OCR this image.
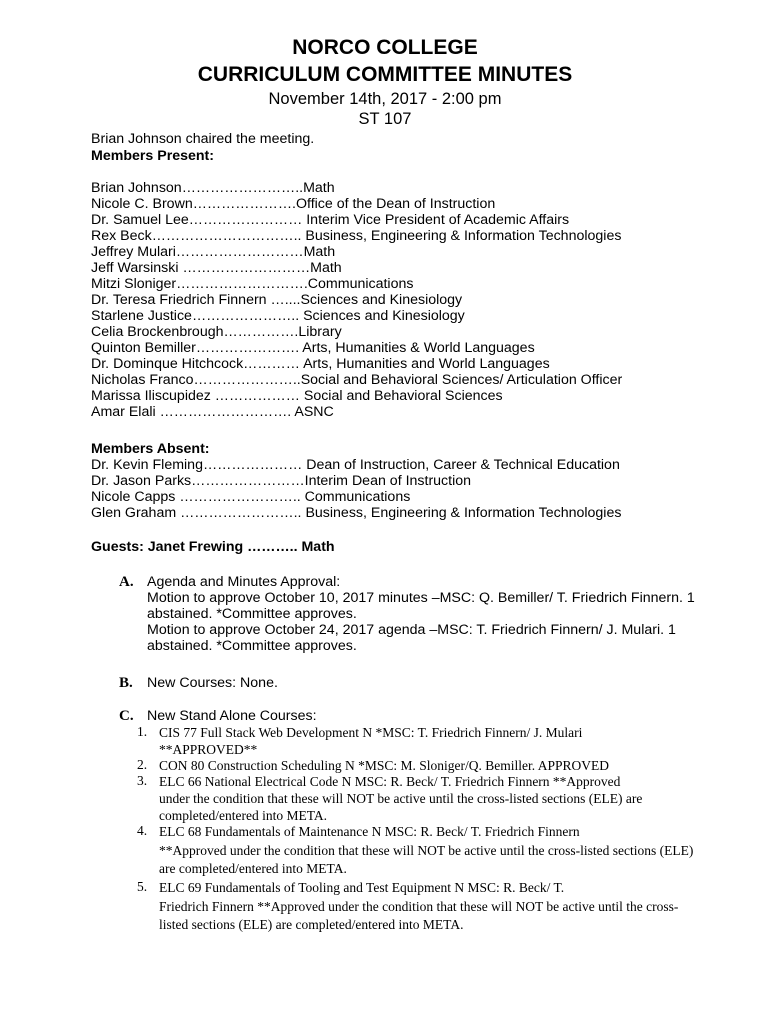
NORCO COLLEGE
CURRICULUM COMMITTEE MINUTES
November 14th, 2017 - 2:00 pm
ST 107
Brian Johnson chaired the meeting.
Members Present:
Brian Johnson……………………..Math
Nicole C. Brown………………….Office of the Dean of Instruction
Dr. Samuel Lee…………………… Interim Vice President of Academic Affairs
Rex Beck………………………….. Business, Engineering & Information Technologies
Jeffrey Mulari………………………Math
Jeff Warsinski ………………………Math
Mitzi Sloniger……………………….Communications
Dr. Teresa Friedrich Finnern …....Sciences and Kinesiology
Starlene Justice………………….. Sciences and Kinesiology
Celia Brockenbrough…………….Library
Quinton Bemiller…………………. Arts, Humanities & World Languages
Dr. Dominque Hitchcock………… Arts, Humanities and World Languages
Nicholas Franco…………………..Social and Behavioral Sciences/ Articulation Officer
Marissa Iliscupidez ……………… Social and Behavioral Sciences
Amar Elali ………………………. ASNC
Members Absent:
Dr. Kevin Fleming………………… Dean of Instruction, Career & Technical Education
Dr. Jason Parks……………………Interim Dean of Instruction
Nicole Capps …………………….. Communications
Glen Graham …………………….. Business, Engineering & Information Technologies
Guests: Janet Frewing ……….. Math
A. Agenda and Minutes Approval:
Motion to approve October 10, 2017 minutes –MSC: Q. Bemiller/ T. Friedrich Finnern. 1
abstained. *Committee approves.
Motion to approve October 24, 2017 agenda –MSC: T. Friedrich Finnern/ J. Mulari. 1
abstained. *Committee approves.
B. New Courses: None.
C. New Stand Alone Courses:
1. CIS 77 Full Stack Web Development N *MSC: T. Friedrich Finnern/ J. Mulari
**APPROVED**
2. CON 80 Construction Scheduling N *MSC: M. Sloniger/Q. Bemiller. APPROVED
3. ELC 66 National Electrical Code N MSC: R. Beck/ T. Friedrich Finnern **Approved
under the condition that these will NOT be active until the cross-listed sections (ELE) are
completed/entered into META.
4. ELC 68 Fundamentals of Maintenance N MSC: R. Beck/ T. Friedrich Finnern
**Approved under the condition that these will NOT be active until the cross-listed sections (ELE)
are completed/entered into META.
5. ELC 69 Fundamentals of Tooling and Test Equipment N MSC: R. Beck/ T.
Friedrich Finnern **Approved under the condition that these will NOT be active until the cross-
listed sections (ELE) are completed/entered into META.
